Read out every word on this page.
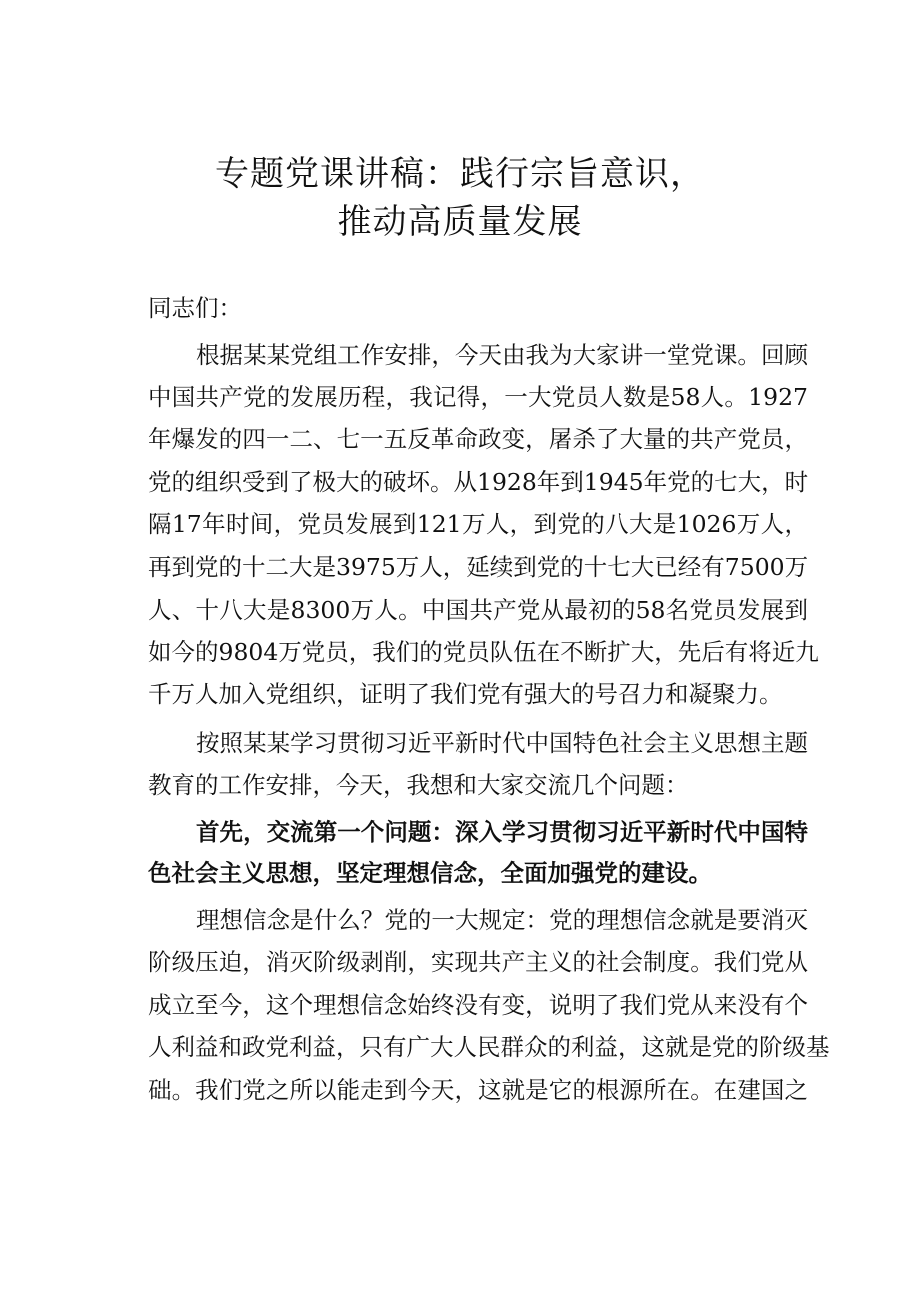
专题党课讲稿：践行宗旨意识，
推动高质量发展
同志们：
根据某某党组工作安排，今天由我为大家讲一堂党课。回顾
中国共产党的发展历程，我记得，一大党员人数是58人。1927
年爆发的四一二、七一五反革命政变，屠杀了大量的共产党员，
党的组织受到了极大的破坏。从1928年到1945年党的七大，时
隔17年时间，党员发展到121万人，到党的八大是1026万人，
再到党的十二大是3975万人，延续到党的十七大已经有7500万
人、十八大是8300万人。中国共产党从最初的58名党员发展到
如今的9804万党员，我们的党员队伍在不断扩大，先后有将近九
千万人加入党组织，证明了我们党有强大的号召力和凝聚力。
按照某某学习贯彻习近平新时代中国特色社会主义思想主题
教育的工作安排，今天，我想和大家交流几个问题：
首先，交流第一个问题：深入学习贯彻习近平新时代中国特
色社会主义思想，坚定理想信念，全面加强党的建设。
理想信念是什么？党的一大规定：党的理想信念就是要消灭
阶级压迫，消灭阶级剥削，实现共产主义的社会制度。我们党从
成立至今，这个理想信念始终没有变，说明了我们党从来没有个
人利益和政党利益，只有广大人民群众的利益，这就是党的阶级基
础。我们党之所以能走到今天，这就是它的根源所在。在建国之
